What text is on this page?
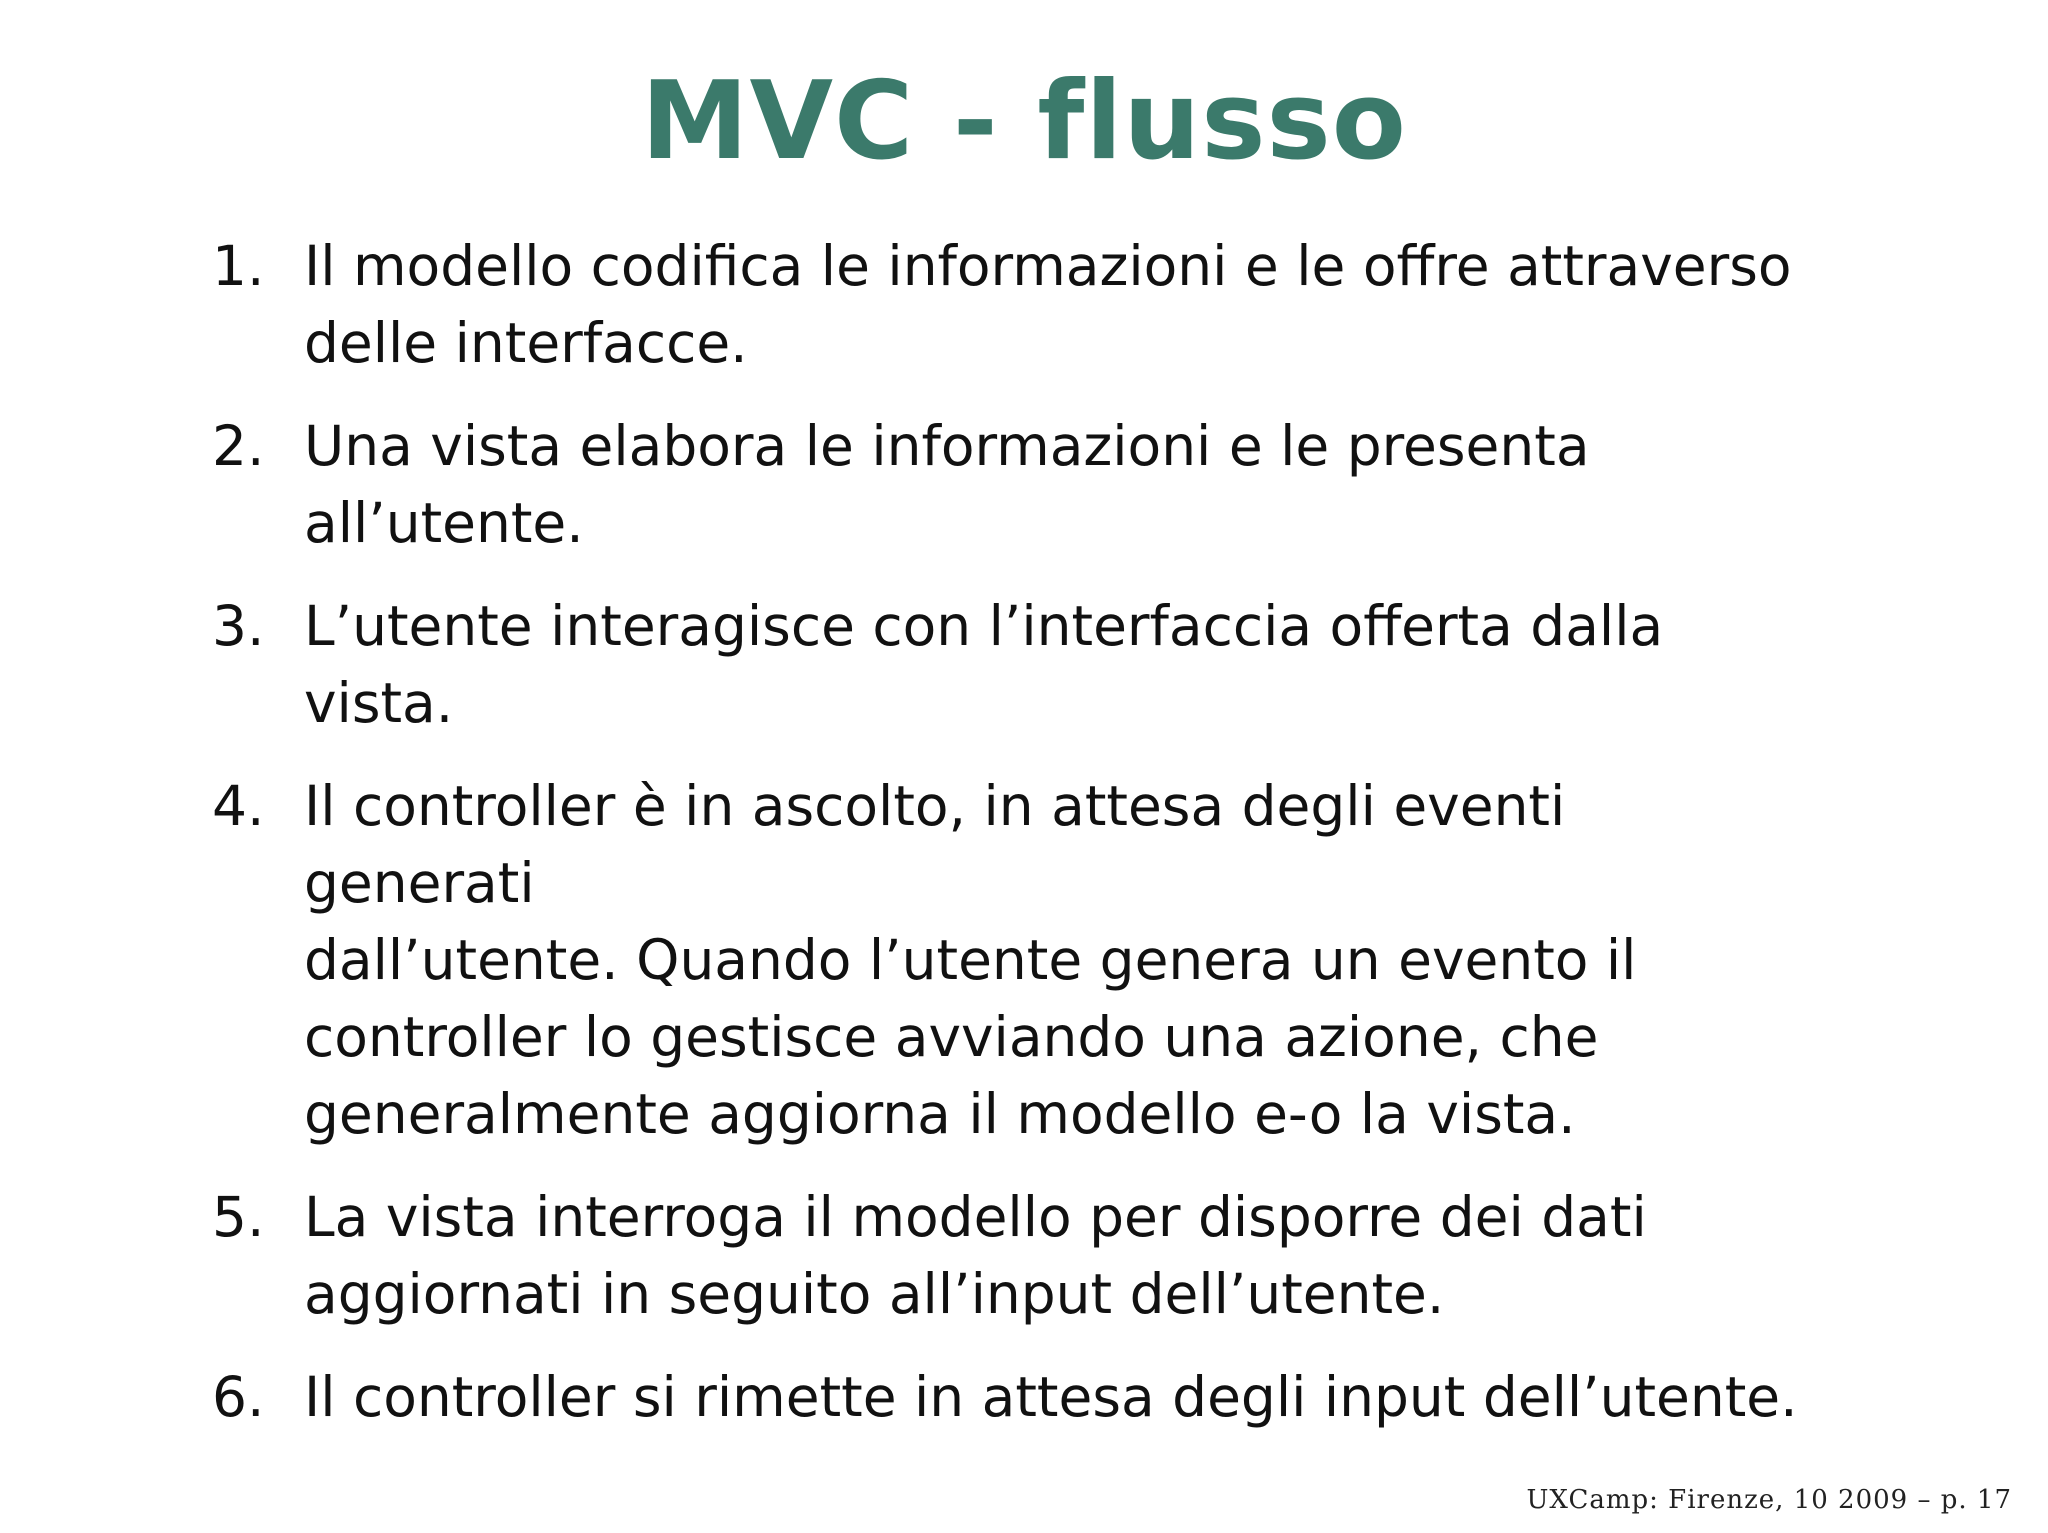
MVC - flusso
1. Il modello codifica le informazioni e le offre attraverso
delle interfacce.
2. Una vista elabora le informazioni e le presenta all’utente.
3. L’utente interagisce con l’interfaccia offerta dalla vista.
4. Il controller è in ascolto, in attesa degli eventi generati
dall’utente. Quando l’utente genera un evento il
controller lo gestisce avviando una azione, che
generalmente aggiorna il modello e-o la vista.
5. La vista interroga il modello per disporre dei dati
aggiornati in seguito all’input dell’utente.
6. Il controller si rimette in attesa degli input dell’utente.
UXCamp: Firenze, 10 2009 – p. 17
